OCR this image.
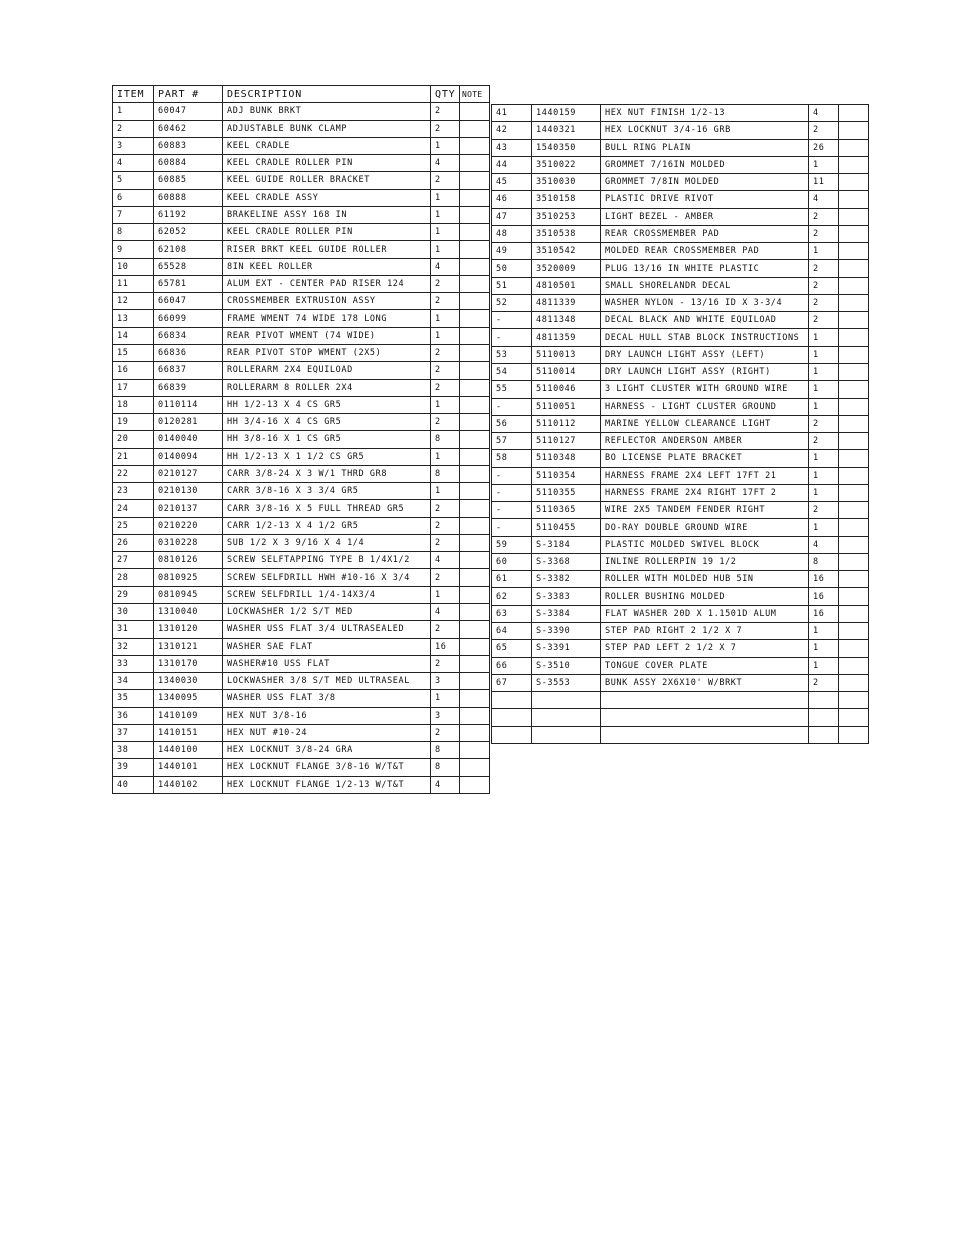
ITEM	PART #	DESCRIPTION	QTY	NOTE
1	60047	ADJ BUNK BRKT	2	
2	60462	ADJUSTABLE BUNK CLAMP	2	
3	60883	KEEL CRADLE	1	
4	60884	KEEL CRADLE ROLLER PIN	4	
5	60885	KEEL GUIDE ROLLER BRACKET	2	
6	60888	KEEL CRADLE ASSY	1	
7	61192	BRAKELINE ASSY 168 IN	1	
8	62052	KEEL CRADLE ROLLER PIN	1	
9	62108	RISER BRKT KEEL GUIDE ROLLER	1	
10	65528	8IN KEEL ROLLER	4	
11	65781	ALUM EXT - CENTER PAD RISER 124	2	
12	66047	CROSSMEMBER EXTRUSION ASSY	2	
13	66099	FRAME WMENT 74 WIDE 178 LONG	1	
14	66834	REAR PIVOT WMENT (74 WIDE)	1	
15	66836	REAR PIVOT STOP WMENT (2X5)	2	
16	66837	ROLLERARM 2X4 EQUILOAD	2	
17	66839	ROLLERARM 8 ROLLER 2X4	2	
18	0110114	HH 1/2-13 X 4 CS GR5	1	
19	0120281	HH 3/4-16 X 4 CS GR5	2	
20	0140040	HH 3/8-16 X 1 CS GR5	8	
21	0140094	HH 1/2-13 X 1 1/2 CS GR5	1	
22	0210127	CARR 3/8-24 X 3 W/1 THRD GR8	8	
23	0210130	CARR 3/8-16 X 3 3/4 GR5	1	
24	0210137	CARR 3/8-16 X 5 FULL THREAD GR5	2	
25	0210220	CARR 1/2-13 X 4 1/2 GR5	2	
26	0310228	SUB 1/2 X 3 9/16 X 4 1/4	2	
27	0810126	SCREW SELFTAPPING TYPE B 1/4X1/2	4	
28	0810925	SCREW SELFDRILL HWH #10-16 X 3/4	2	
29	0810945	SCREW SELFDRILL 1/4-14X3/4	1	
30	1310040	LOCKWASHER 1/2 S/T MED	4	
31	1310120	WASHER USS FLAT 3/4 ULTRASEALED	2	
32	1310121	WASHER SAE FLAT	16	
33	1310170	WASHER#10 USS FLAT	2	
34	1340030	LOCKWASHER 3/8 S/T MED ULTRASEAL	3	
35	1340095	WASHER USS FLAT 3/8	1	
36	1410109	HEX NUT 3/8-16	3	
37	1410151	HEX NUT #10-24	2	
38	1440100	HEX LOCKNUT 3/8-24 GRA	8	
39	1440101	HEX LOCKNUT FLANGE 3/8-16 W/T&T	8	
40	1440102	HEX LOCKNUT FLANGE 1/2-13 W/T&T	4	
41	1440159	HEX NUT FINISH 1/2-13	4	
42	1440321	HEX LOCKNUT 3/4-16 GRB	2	
43	1540350	BULL RING PLAIN	26	
44	3510022	GROMMET 7/16IN MOLDED	1	
45	3510030	GROMMET 7/8IN MOLDED	11	
46	3510158	PLASTIC DRIVE RIVOT	4	
47	3510253	LIGHT BEZEL - AMBER	2	
48	3510538	REAR CROSSMEMBER PAD	2	
49	3510542	MOLDED REAR CROSSMEMBER PAD	1	
50	3520009	PLUG 13/16 IN WHITE PLASTIC	2	
51	4810501	SMALL SHORELANDR DECAL	2	
52	4811339	WASHER NYLON - 13/16 ID X 3-3/4	2	
-	4811348	DECAL BLACK AND WHITE EQUILOAD	2	
-	4811359	DECAL HULL STAB BLOCK INSTRUCTIONS	1	
53	5110013	DRY LAUNCH LIGHT ASSY (LEFT)	1	
54	5110014	DRY LAUNCH LIGHT ASSY (RIGHT)	1	
55	5110046	3 LIGHT CLUSTER WITH GROUND WIRE	1	
-	5110051	HARNESS - LIGHT CLUSTER GROUND	1	
56	5110112	MARINE YELLOW CLEARANCE LIGHT	2	
57	5110127	REFLECTOR ANDERSON AMBER	2	
58	5110348	BO LICENSE PLATE BRACKET	1	
-	5110354	HARNESS FRAME 2X4 LEFT 17FT 21	1	
-	5110355	HARNESS FRAME 2X4 RIGHT 17FT 2	1	
-	5110365	WIRE 2X5 TANDEM FENDER RIGHT	2	
-	5110455	DO-RAY DOUBLE GROUND WIRE	1	
59	S-3184	PLASTIC MOLDED SWIVEL BLOCK	4	
60	S-3368	INLINE ROLLERPIN 19 1/2	8	
61	S-3382	ROLLER WITH MOLDED HUB 5IN	16	
62	S-3383	ROLLER BUSHING MOLDED	16	
63	S-3384	FLAT WASHER 20D X 1.1501D ALUM	16	
64	S-3390	STEP PAD RIGHT 2 1/2 X 7	1	
65	S-3391	STEP PAD LEFT 2 1/2 X 7	1	
66	S-3510	TONGUE COVER PLATE	1	
67	S-3553	BUNK ASSY 2X6X10' W/BRKT	2	
